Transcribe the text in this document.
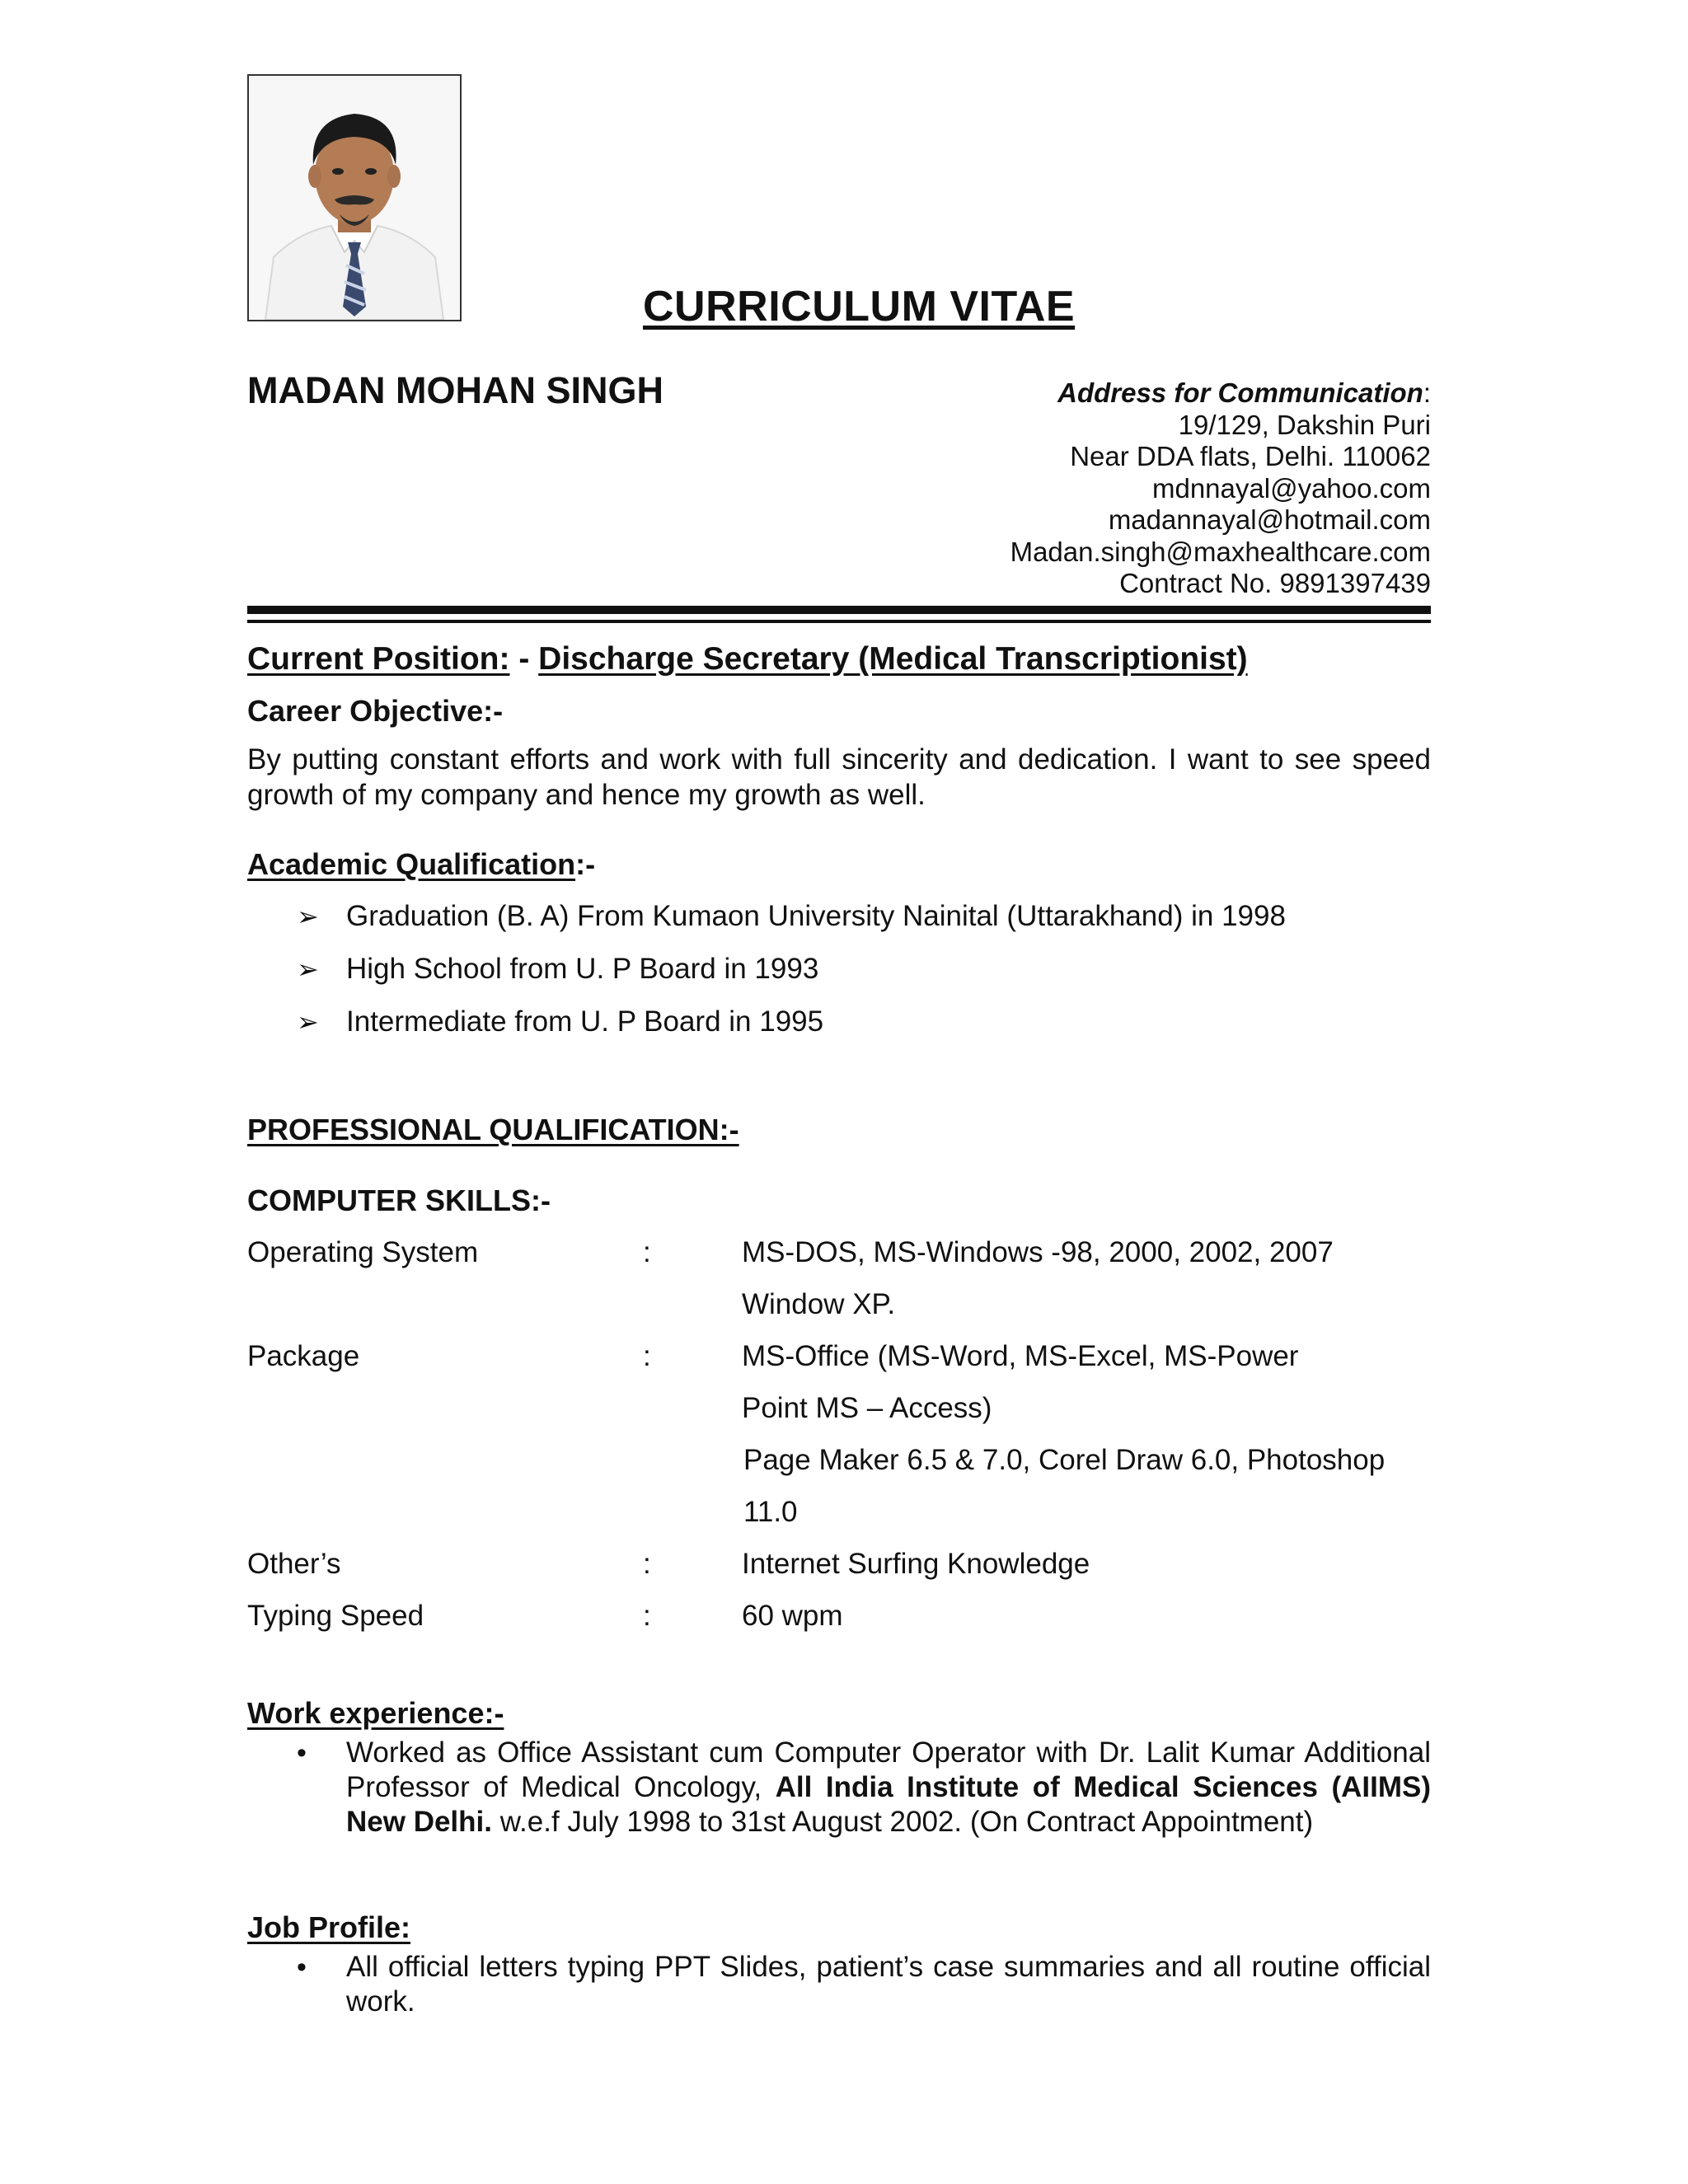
CURRICULUM VITAE
MADAN MOHAN SINGH	Address for Communication:
19/129, Dakshin Puri
Near DDA flats, Delhi. 110062
mdnnayal@yahoo.com
madannayal@hotmail.com
Madan.singh@maxhealthcare.com
Contract No. 9891397439
Current Position: - Discharge Secretary (Medical Transcriptionist)
Career Objective:-
By putting constant efforts and work with full sincerity and dedication. I want to see speed growth of my company and hence my growth as well.
Academic Qualification:-
➢ Graduation (B. A) From Kumaon University Nainital (Uttarakhand) in 1998
➢ High School from U. P Board in 1993
➢ Intermediate from U. P Board in 1995
PROFESSIONAL QUALIFICATION:-
COMPUTER SKILLS:-
Operating System	:	MS-DOS, MS-Windows -98, 2000, 2002, 2007
Window XP.
Package	:	MS-Office (MS-Word, MS-Excel, MS-Power
Point MS – Access)
Page Maker 6.5 & 7.0, Corel Draw 6.0, Photoshop
11.0
Other’s	:	Internet Surfing Knowledge
Typing Speed	:	60 wpm
Work experience:-
• Worked as Office Assistant cum Computer Operator with Dr. Lalit Kumar Additional Professor of Medical Oncology, All India Institute of Medical Sciences (AIIMS) New Delhi. w.e.f July 1998 to 31st August 2002. (On Contract Appointment)
Job Profile:
• All official letters typing PPT Slides, patient’s case summaries and all routine official work.
